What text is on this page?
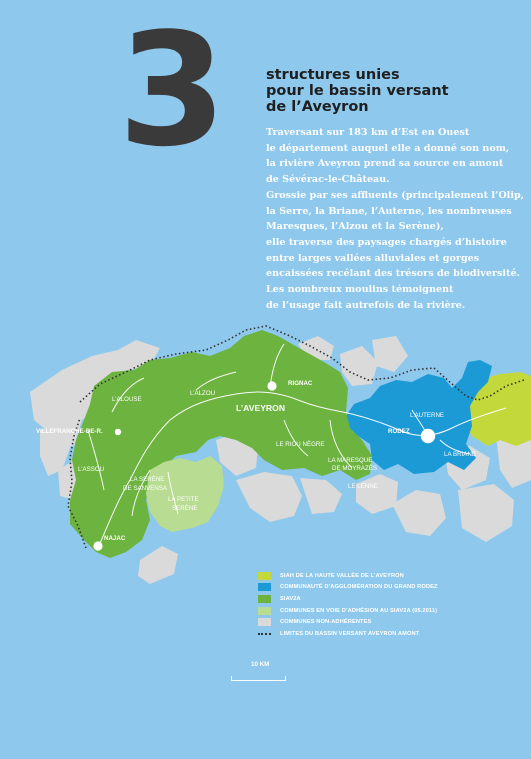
3	structures unies
pour le bassin versant
de l’Aveyron
Traversant sur 183 km d’Est en Ouest
le département auquel elle a donné son nom,
la rivière Aveyron prend sa source en amont
de Sévérac-le-Château.
Grossie par ses affluents (principalement l’Olip,
la Serre, la Briane, l’Auterne, les nombreuses
Maresques, l’Alzou et la Serène),
elle traverse des paysages chargés d’histoire
entre larges vallées alluviales et gorges
encaissées recélant des trésors de biodiversité.
Les nombreux moulins témoignent
de l’usage fait autrefois de la rivière.
VILLEFRANCHE-DE-R.
RIGNAC
L’AVEYRON
RODEZ
NAJAC
L’ALZOU
L’ALOUSE
L’ASSOU
LA SERÈNE
DE SANVENSA
LA PETITE
SERÈNE
LE RIOU NÈGRE
LA MARESQUE
DE MOYRAZÈS
LE LENNE
L’AUTERNE
LA BRIANE
SIAH DE LA HAUTE VALLÉE DE L’AVEYRON
COMMUNAUTÉ D’AGGLOMÉRATION DU GRAND RODEZ
SIAV2A
COMMUNES EN VOIE D’ADHÉSION AU SIAV2A (05.2011)
COMMUNES NON-ADHÉRENTES
LIMITES DU BASSIN VERSANT AVEYRON AMONT
10 KM
